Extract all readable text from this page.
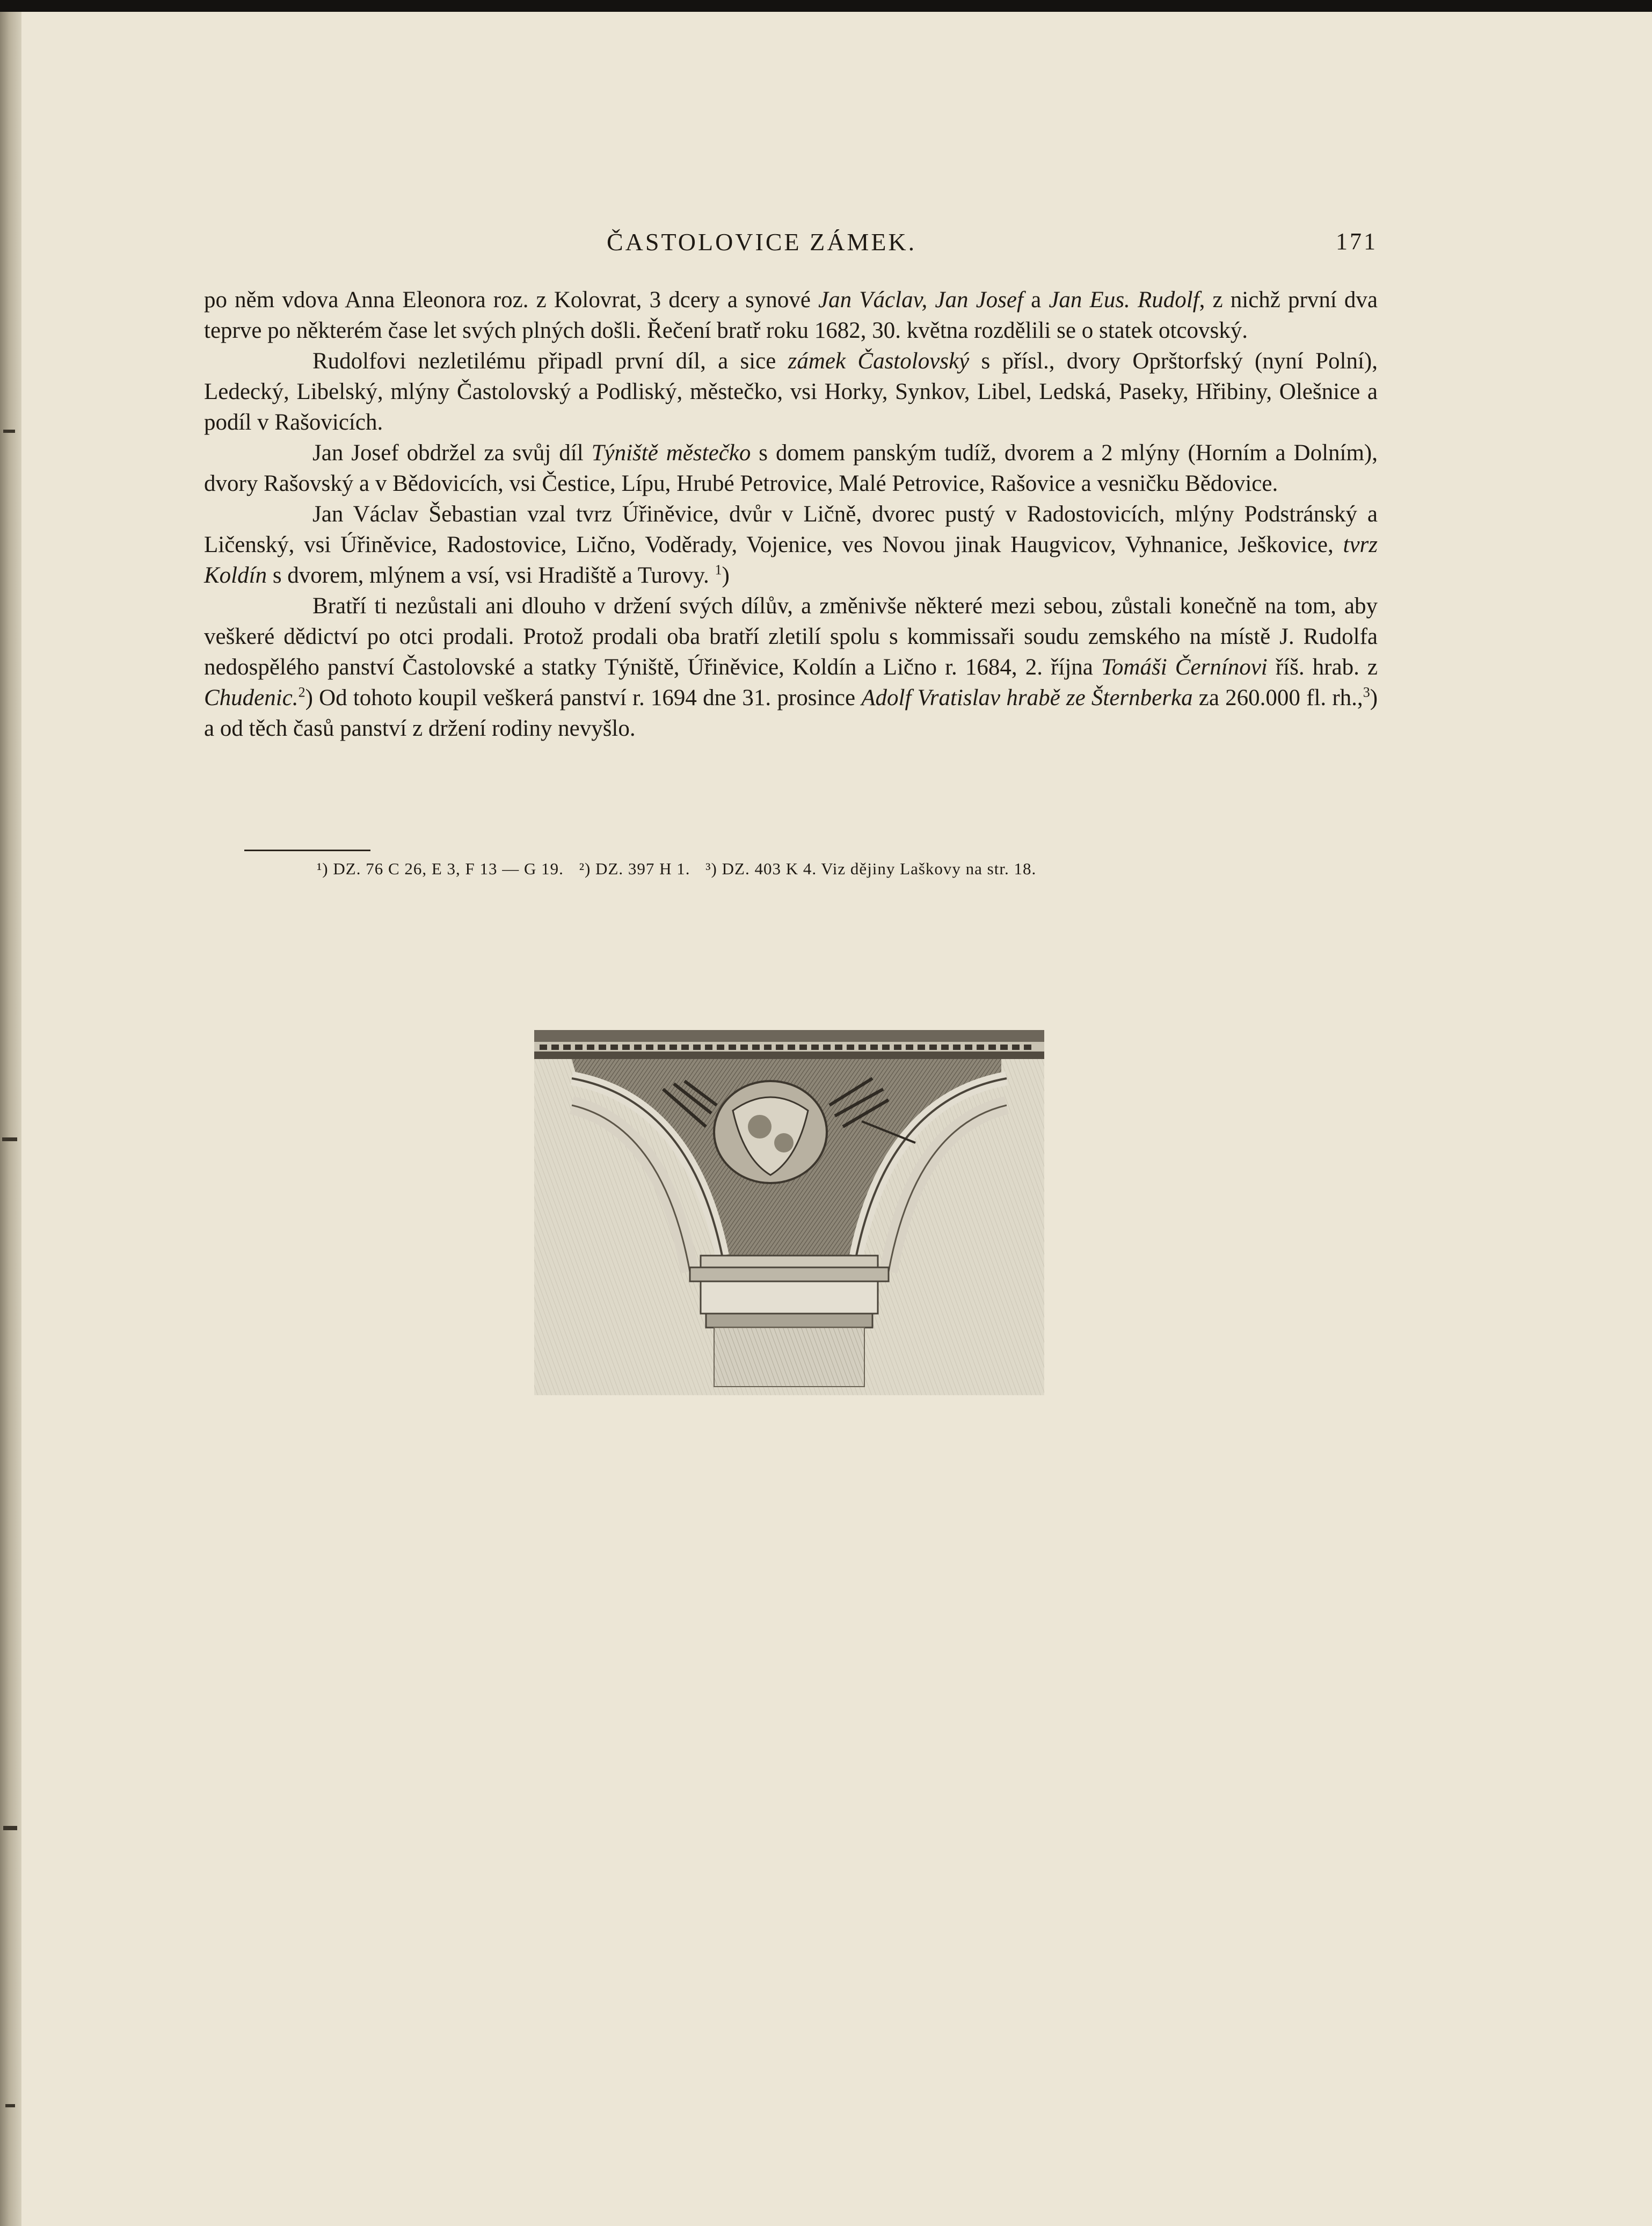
ČASTOLOVICE ZÁMEK.	171

po něm vdova Anna Eleonora roz. z Kolovrat, 3 dcery a synové Jan Václav, Jan Josef a Jan Eus. Rudolf, z nichž první dva teprve po některém čase let svých plných došli. Řečení bratř roku 1682, 30. května rozdělili se o statek otcovský.

Rudolfovi nezletilému připadl první díl, a sice zámek Častolovský s přísl., dvory Oprštorfský (nyní Polní), Ledecký, Libelský, mlýny Častolovský a Podliský, městečko, vsi Horky, Synkov, Libel, Ledská, Paseky, Hřibiny, Olešnice a podíl v Rašovicích.

Jan Josef obdržel za svůj díl Týniště městečko s domem panským tudíž, dvorem a 2 mlýny (Horním a Dolním), dvory Rašovský a v Bědovicích, vsi Čestice, Lípu, Hrubé Petrovice, Malé Petrovice, Rašovice a vesničku Bědovice.

Jan Václav Šebastian vzal tvrz Úřiněvice, dvůr v Ličně, dvorec pustý v Radostovicích, mlýny Podstránský a Ličenský, vsi Úřiněvice, Radostovice, Lično, Voděrady, Vojenice, ves Novou jinak Haugvicov, Vyhnanice, Ješkovice, tvrz Koldín s dvorem, mlýnem a vsí, vsi Hradiště a Turovy. $^1$)

Bratří ti nezůstali ani dlouho v držení svých dílův, a změnivše některé mezi sebou, zůstali konečně na tom, aby veškeré dědictví po otci prodali. Protož prodali oba bratří zletilí spolu s kommissaři soudu zemského na místě J. Rudolfa nedospělého panství Častolovské a statky Týniště, Úřiněvice, Koldín a Lično r. 1684, 2. října Tomáši Černínovi říš. hrab. z Chudenic.$^2$) Od tohoto koupil veškerá panství r. 1694 dne 31. prosince Adolf Vratislav hrabě ze Šternberka za 260.000 fl. rh.,$^3$) a od těch časů panství z držení rodiny nevyšlo.

¹) DZ. 76 C 26, E 3, F 13 — G 19. ²) DZ. 397 H 1. ³) DZ. 403 K 4. Viz dějiny Laškovy na str. 18.
